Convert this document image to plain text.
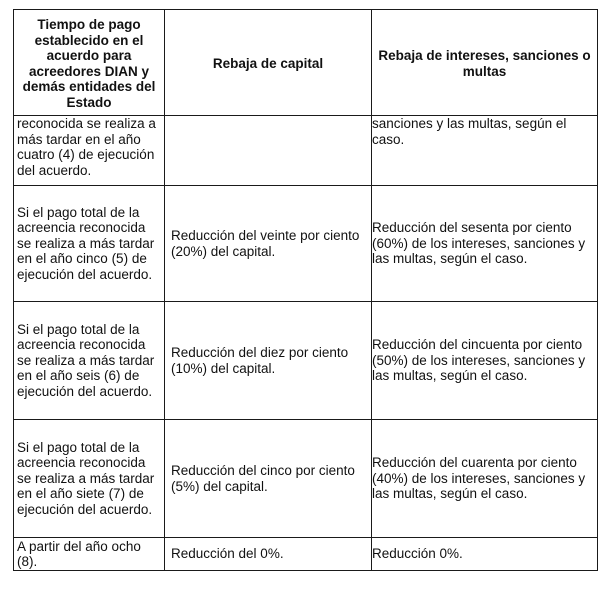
Tiempo de pago establecido en el acuerdo para acreedores DIAN y demás entidades del Estado	Rebaja de capital	Rebaja de intereses, sanciones o multas

reconocida se realiza a más tardar en el año cuatro (4) de ejecución del acuerdo.		sanciones y las multas, según el caso.
Si el pago total de la acreencia reconocida se realiza a más tardar en el año cinco (5) de ejecución del acuerdo.	Reducción del veinte por ciento (20%) del capital.	Reducción del sesenta por ciento (60%) de los intereses, sanciones y las multas, según el caso.
Si el pago total de la acreencia reconocida se realiza a más tardar en el año seis (6) de ejecución del acuerdo.	Reducción del diez por ciento (10%) del capital.	Reducción del cincuenta por ciento (50%) de los intereses, sanciones y las multas, según el caso.
Si el pago total de la acreencia reconocida se realiza a más tardar en el año siete (7) de ejecución del acuerdo.	Reducción del cinco por ciento (5%) del capital.	Reducción del cuarenta por ciento (40%) de los intereses, sanciones y las multas, según el caso.
A partir del año ocho (8).	Reducción del 0%.	Reducción 0%.
